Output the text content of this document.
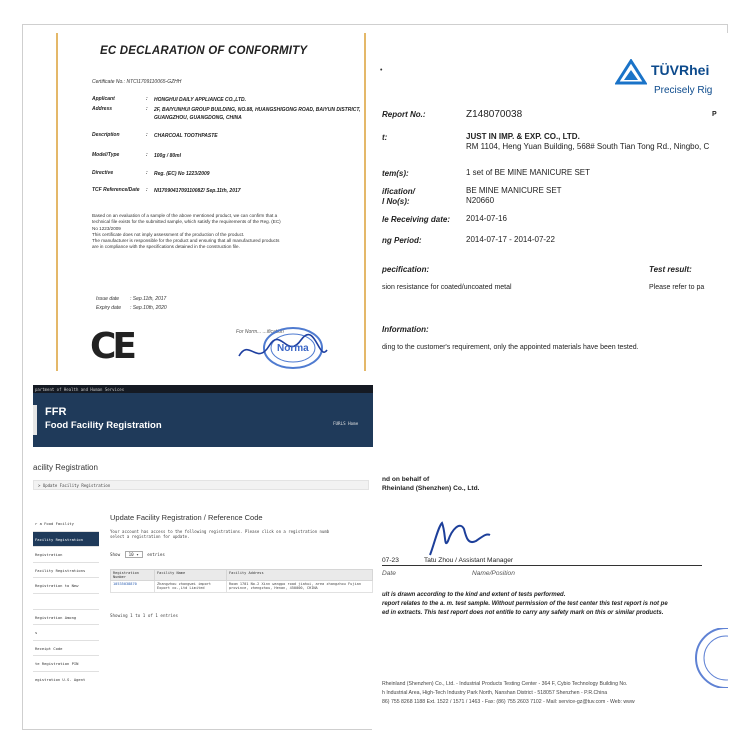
EC DECLARATION OF CONFORMITY
Certificate No.: NTCI1709110065-GZHH
Applicant	: HONGHUI DAILY APPLIANCE CO.,LTD.
Address	: 2F, BAIYUNHUI GROUP BUILDING, NO.88, HUANGSHIGONG ROAD, BAIYUN DISTRICT, GUANGZHOU, GUANGDONG, CHINA
Description	: CHARCOAL TOOTHPASTE
Model/Type	: 100g / 80ml
Directive	: Reg. (EC) No 1223/2009
TCF Reference/Date	: NI170904170911008Z/ Sep.11th, 2017

Based on an evaluation of a sample of the above mentioned product, we can confirm that a

technical file exists for the submitted sample, which satisfy the requirements of the Reg. (EC)

No 1223/2009

This certificate does not imply assessment of the production of the product.

The manufacturer is responsible for the product and ensuring that all manufactured products

are in compliance with the specifications detained in the construction file.

Issue date : Sep.11th, 2017
Expiry date : Sep.10th, 2020
CE	For Norm... ...ification
Norma
•	TÜVRhei
Precisely Rig
P
Report No.:	Z148070038
t:	JUST IN IMP. & EXP. CO., LTD.
RM 1104, Heng Yuan Building, 568# South Tian Tong Rd., Ningbo, C
tem(s):	1 set of BE MINE MANICURE SET
ification/	BE MINE MANICURE SET
l No(s):	N20660
le Receiving date: 2014-07-16
ng Period:	2014-07-17 - 2014-07-22
pecification:	Test result:
sion resistance for coated/uncoated metal	Please refer to pa
Information:
ding to the customer's requirement, only the appointed materials have been tested.
nd on behalf of
Rheinland (Shenzhen) Co., Ltd.
07-23	Tatu Zhou / Assistant Manager
Date	Name/Position
ult is drawn according to the kind and extent of tests performed.
report relates to the a. m. test sample. Without permission of the test center this test report is not pe
ed in extracts. This test report does not entitle to carry any safety mark on this or similar products.
Rheinland (Shenzhen) Co., Ltd. - Industrial Products Testing Center - 364 F, Cybio Technology Building No.
h Industrial Area, High-Tech Industry Park North, Nanshan District - 518057 Shenzhen - P.R.China
86) 755 8268 1188 Ext. 1522 / 1571 / 1463 - Fax: (86) 755 2603 7102 - Mail: service-gz@tuv.com - Web: www
partment of Health and Human Services
FFR
Food Facility Registration	FURLS Home
acility Registration
> Update Facility Registration
r a Food Facility
Facility Registration
Registration
Facility Registrations
Registration to New
Registration Among
s
Receipt Code
te Registration PIN
egistration U.S. Agent
Update Facility Registration / Reference Code
Your account has access to the following registrations. Please click on a registration numb
select a registration for update.
Show 10 ▾ entries
Registration Number	Facility Name	Facility Address
10535038870	Zhangzhou zhongwei import Export co.,Ltd Limited	Room 1701 No.2 Xinn wangpo road jiahui, area zhangzhou Fujian province, zhengzhou, Henan, 450000, CHINA
Showing 1 to 1 of 1 entries
